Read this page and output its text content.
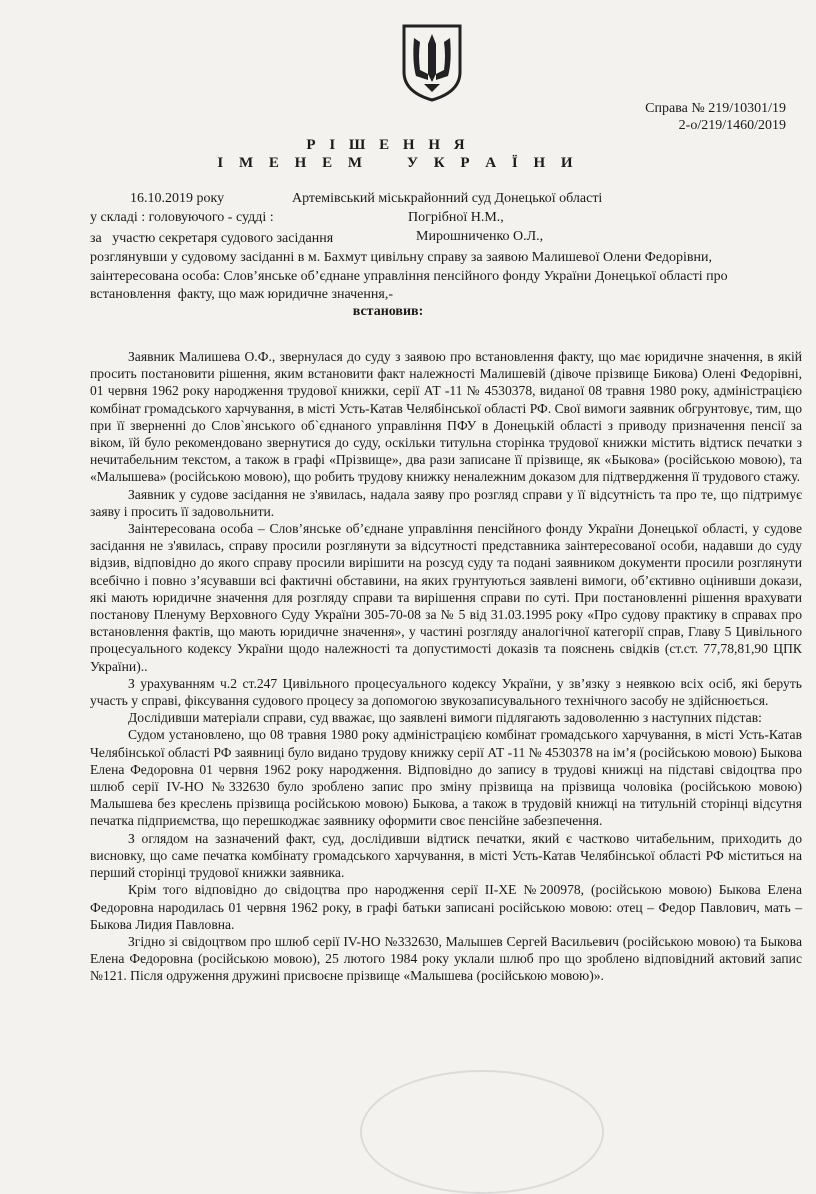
Справа № 219/10301/19
2-о/219/1460/2019
Р І Ш Е Н Н Я
І М Е Н Е М    У К Р А Ї Н И
16.10.2019 року	Артемівський міськрайонний суд Донецької області
у складі : головуючого - судді :	Погрібної Н.М.,
за   участю секретаря судового засідання	Мирошниченко О.Л.,
розглянувши у судовому засіданні в м. Бахмут цивільну справу за заявою Малишевої Олени Федорівни,
заінтересована особа: Слов’янське об’єднане управління пенсійного фонду України Донецької області про
встановлення  факту, що маж юридичне значення,-
встановив:

Заявник Малишева О.Ф., звернулася до суду з заявою про встановлення факту, що має юридичне значення, в якій просить постановити рішення, яким встановити факт належності Малишевій (дівоче прізвище Бикова) Олені Федорівні, 01 червня 1962 року народження трудової книжки, серії АТ -11 № 4530378, виданої 08 травня 1980 року, адміністрацією комбінат громадського харчування, в місті Усть-Катав Челябінської області РФ. Свої вимоги заявник обгрунтовує, тим, що при її зверненні до Слов`янського об`єднаного управління ПФУ в Донецькій області з приводу призначення пенсії за віком, їй було рекомендовано звернутися до суду, оскільки титульна сторінка трудової книжки містить відтиск печатки з нечитабельним текстом, а також в графі «Прізвище», два рази записане її прізвище, як «Быкова» (російською мовою), та «Малышева» (російською мовою), що робить трудову книжку неналежним доказом для підтвердження її трудового стажу.

Заявник у судове засідання не з'явилась, надала заяву про розгляд справи у її відсутність та про те, що підтримує заяву і просить її задовольнити.

Заінтересована особа – Слов’янське об’єднане управління пенсійного фонду України Донецької області, у судове засідання не з'явилась, справу просили розглянути за відсутності представника заінтересованої особи, надавши до суду відзив, відповідно до якого справу просили вирішити на розсуд суду та подані заявником документи просили розглянути всебічно і повно з’ясувавши всі фактичні обставини, на яких грунтуються заявлені вимоги, об’єктивно оцінивши докази, які мають юридичне значення для розгляду справи та вирішення справи по суті. При постановленні рішення врахувати постанову Пленуму Верховного Суду України 305-70-08 за № 5 від 31.03.1995 року «Про судову практику в справах про встановлення фактів, що мають юридичне значення», у частині розгляду аналогічної категорії справ, Главу 5 Цивільного процесуального кодексу України щодо належності та допустимості доказів та пояснень свідків (ст.ст. 77,78,81,90 ЦПК України)..

З урахуванням ч.2 ст.247 Цивільного процесуального кодексу України, у зв’язку з неявкою всіх осіб, які беруть участь у справі, фіксування судового процесу за допомогою звукозаписувального технічного засобу не здійснюється.

Дослідивши матеріали справи, суд вважає, що заявлені вимоги підлягають задоволенню з наступних підстав:

Судом установлено, що 08 травня 1980 року адміністрацією комбінат громадського харчування, в місті Усть-Катав Челябінської області РФ заявниці було видано трудову книжку серії АТ -11 № 4530378 на ім’я (російською мовою) Быкова Елена Федоровна 01 червня 1962 року народження. Відповідно до запису в трудові книжці на підставі свідоцтва про шлюб серії IV-НО №332630 було зроблено запис про зміну прізвища на прізвища чоловіка (російською мовою) Малышева без креслень прізвища російською мовою) Быкова, а також в трудовій книжці на титульній сторінці відсутня печатка підприємства, що перешкоджає заявнику оформити своє пенсійне забезпечення.

З оглядом на зазначений факт, суд, дослідивши відтиск печатки, який є частково читабельним, приходить до висновку, що саме печатка комбінату громадського харчування, в місті Усть-Катав Челябінської області РФ міститься на перший сторінці трудової книжки заявника.

Крім того відповідно до свідоцтва про народження серії II-ХЕ №200978, (російською мовою) Быкова Елена Федоровна народилась 01 червня 1962 року, в графі батьки записані російською мовою: отец – Федор Павлович, мать – Быкова Лидия Павловна.

Згідно зі свідоцтвом про шлюб серії IV-НО №332630, Малышев Сергей Васильевич (російською мовою) та Быкова Елена Федоровна (російською мовою), 25 лютого 1984 року уклали шлюб про що зроблено відповідний актовий запис №121. Після одруження дружині присвоєне прізвище «Малышева (російською мовою)».
